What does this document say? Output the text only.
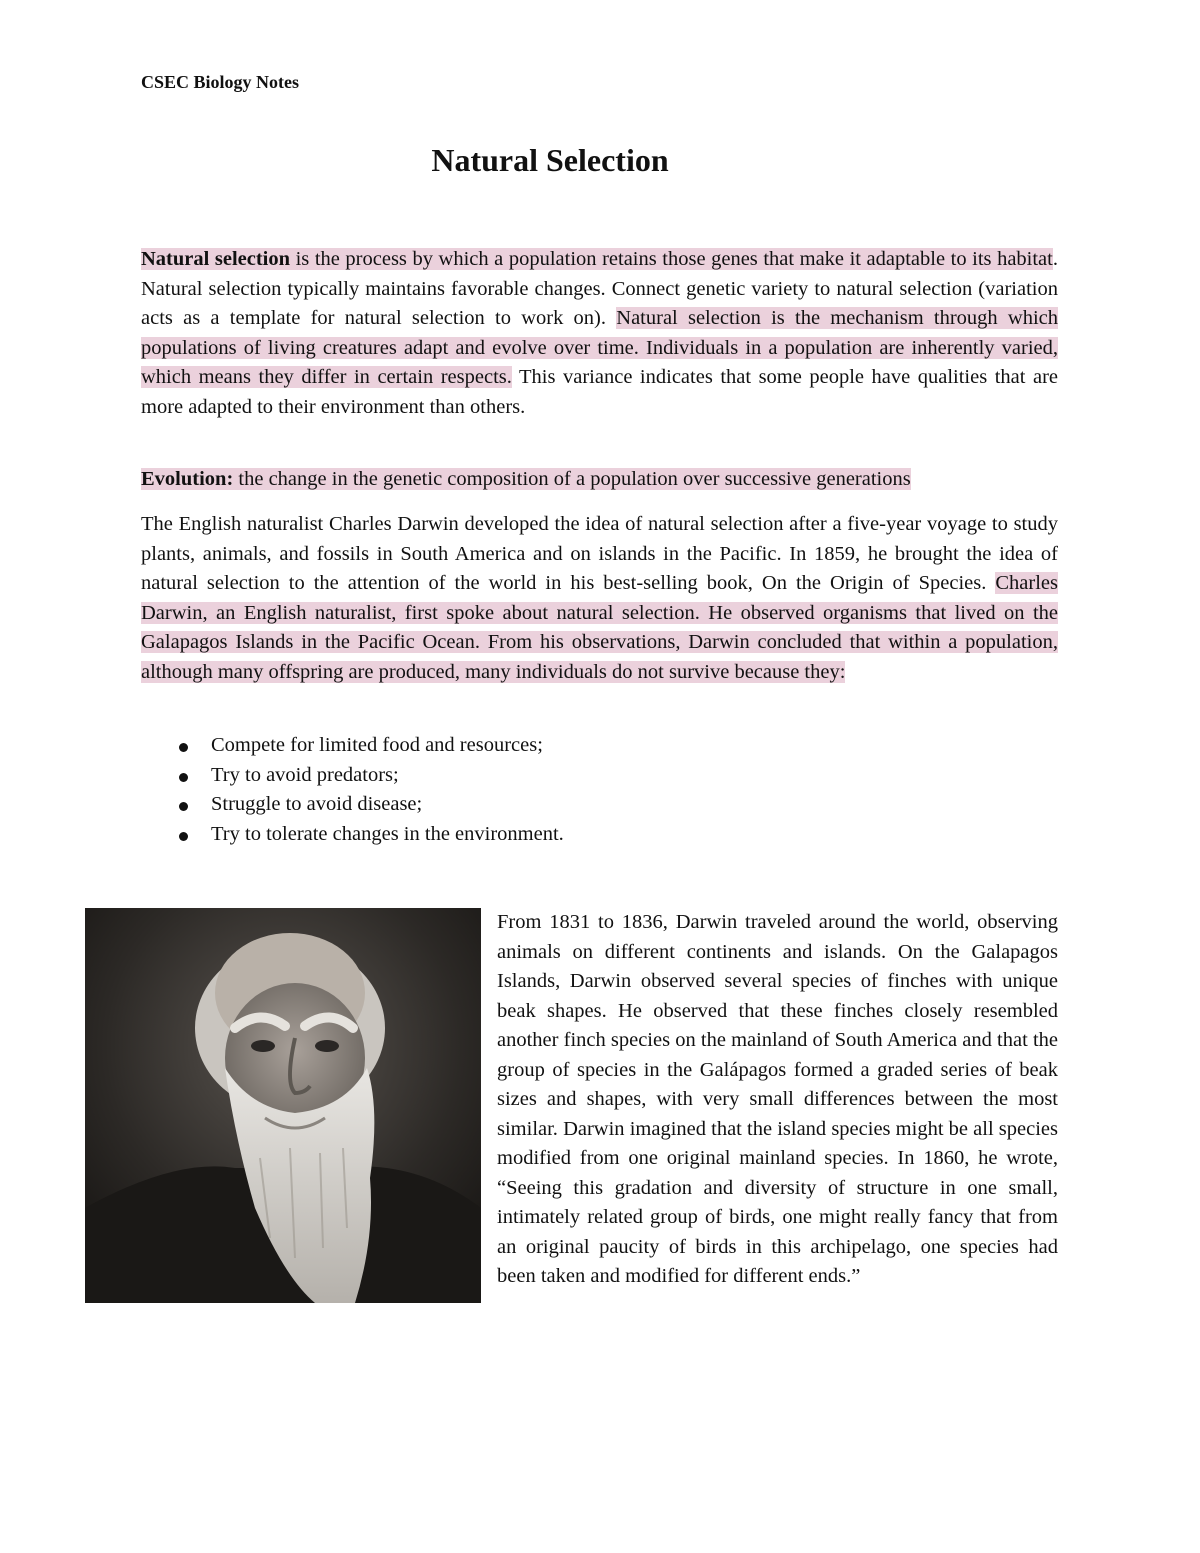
CSEC Biology Notes
Natural Selection

Natural selection is the process by which a population retains those genes that make it adaptable to its habitat. Natural selection typically maintains favorable changes. Connect genetic variety to natural selection (variation acts as a template for natural selection to work on). Natural selection is the mechanism through which populations of living creatures adapt and evolve over time. Individuals in a population are inherently varied, which means they differ in certain respects. This variance indicates that some people have qualities that are more adapted to their environment than others.

Evolution: the change in the genetic composition of a population over successive generations

The English naturalist Charles Darwin developed the idea of natural selection after a five-year voyage to study plants, animals, and fossils in South America and on islands in the Pacific. In 1859, he brought the idea of natural selection to the attention of the world in his best-selling book, On the Origin of Species. Charles Darwin, an English naturalist, first spoke about natural selection. He observed organisms that lived on the Galapagos Islands in the Pacific Ocean. From his observations, Darwin concluded that within a population, although many offspring are produced, many individuals do not survive because they:

Compete for limited food and resources;
Try to avoid predators;
Struggle to avoid disease;
Try to tolerate changes in the environment.

From 1831 to 1836, Darwin traveled around the world, observing animals on different continents and islands. On the Galapagos Islands, Darwin observed several species of finches with unique beak shapes. He observed that these finches closely resembled another finch species on the mainland of South America and that the group of species in the Galápagos formed a graded series of beak sizes and shapes, with very small differences between the most similar. Darwin imagined that the island species might be all species modified from one original mainland species. In 1860, he wrote, “Seeing this gradation and diversity of structure in one small, intimately related group of birds, one might really fancy that from an original paucity of birds in this archipelago, one species had been taken and modified for different ends.”
